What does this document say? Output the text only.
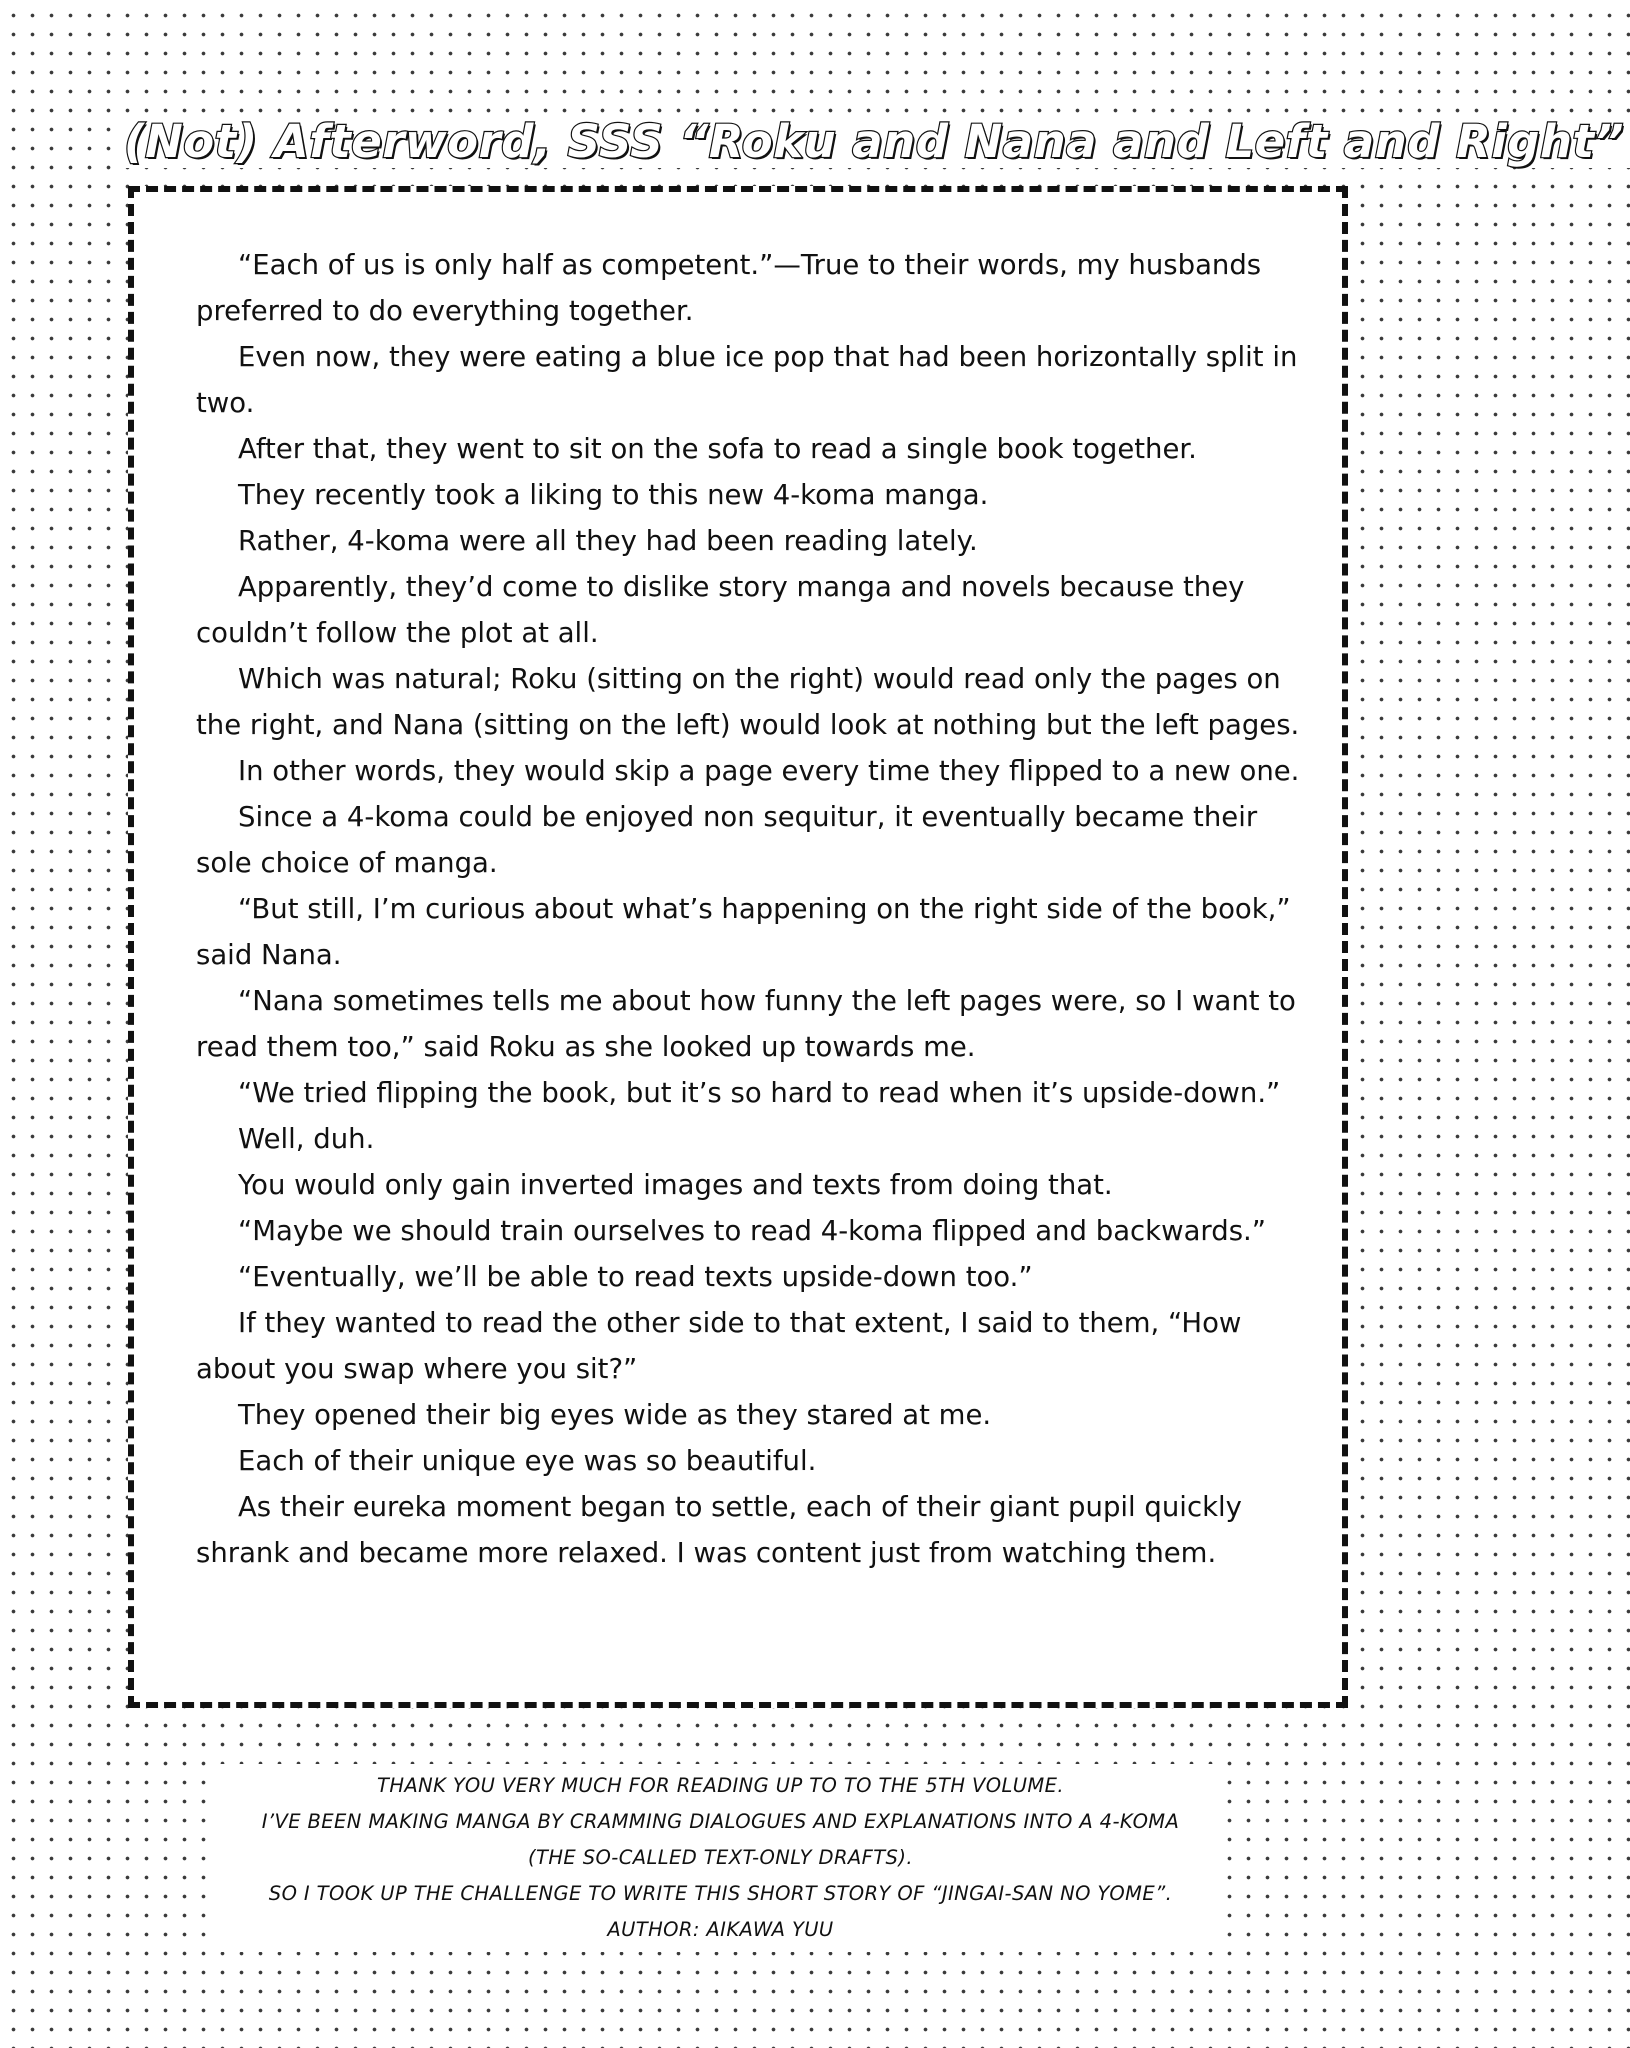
(Not) Afterword, SSS “Roku and Nana and Left and Right”

“Each of us is only half as competent.”—True to their words, my husbands preferred to do everything together.

Even now, they were eating a blue ice pop that had been horizontally split in two.

After that, they went to sit on the sofa to read a single book together.

They recently took a liking to this new 4-koma manga.

Rather, 4-koma were all they had been reading lately.

Apparently, they’d come to dislike story manga and novels because they couldn’t follow the plot at all.

Which was natural; Roku (sitting on the right) would read only the pages on the right, and Nana (sitting on the left) would look at nothing but the left pages.

In other words, they would skip a page every time they flipped to a new one.

Since a 4-koma could be enjoyed non sequitur, it eventually became their sole choice of manga.

“But still, I’m curious about what’s happening on the right side of the book,” said Nana.

“Nana sometimes tells me about how funny the left pages were, so I want to read them too,” said Roku as she looked up towards me.

“We tried flipping the book, but it’s so hard to read when it’s upside-down.”

Well, duh.

You would only gain inverted images and texts from doing that.

“Maybe we should train ourselves to read 4-koma flipped and backwards.”

“Eventually, we’ll be able to read texts upside-down too.”

If they wanted to read the other side to that extent, I said to them, “How about you swap where you sit?”

They opened their big eyes wide as they stared at me.

Each of their unique eye was so beautiful.

As their eureka moment began to settle, each of their giant pupil quickly shrank and became more relaxed. I was content just from watching them.

THANK YOU VERY MUCH FOR READING UP TO TO THE 5TH VOLUME.
I’VE BEEN MAKING MANGA BY CRAMMING DIALOGUES AND EXPLANATIONS INTO A 4-KOMA
(THE SO-CALLED TEXT-ONLY DRAFTS).
SO I TOOK UP THE CHALLENGE TO WRITE THIS SHORT STORY OF “JINGAI-SAN NO YOME”.
AUTHOR: AIKAWA YUU
